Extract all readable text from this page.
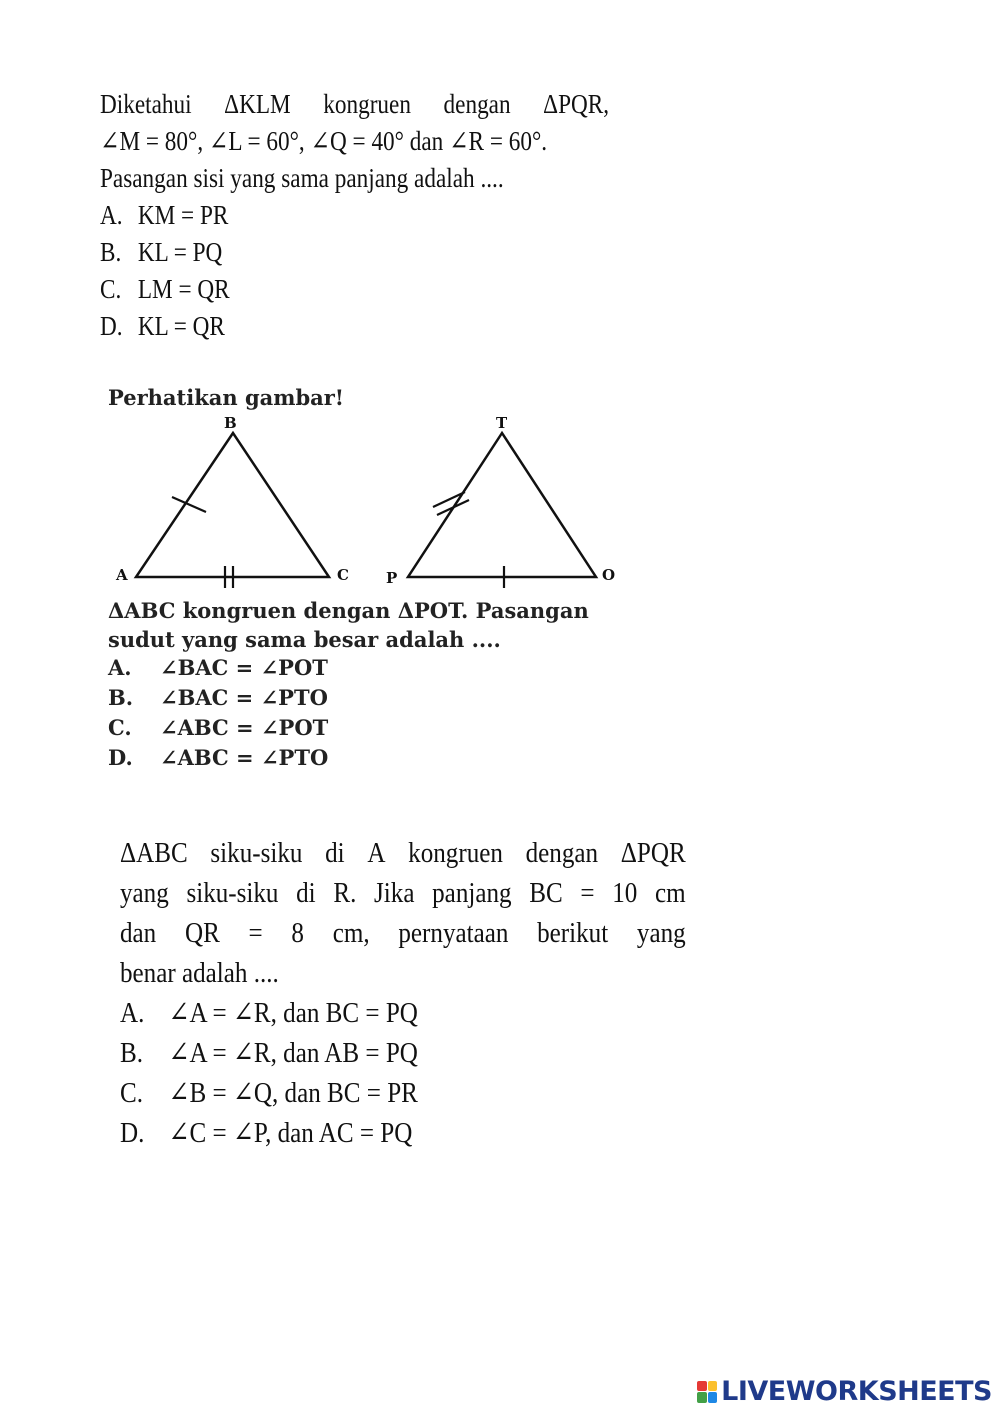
Diketahui ΔKLM kongruen dengan ΔPQR,
∠M = 80°, ∠L = 60°, ∠Q = 40° dan ∠R = 60°.
Pasangan sisi yang sama panjang adalah ....
A. KM = PR
B. KL = PQ
C. LM = QR
D. KL = QR
Perhatikan gambar!
B
A	C
T
P	O
ΔABC kongruen dengan ΔPOT. Pasangan
sudut yang sama besar adalah ....
A.	∠BAC = ∠POT
B.	∠BAC = ∠PTO
C.	∠ABC = ∠POT
D.	∠ABC = ∠PTO
ΔABC siku-siku di A kongruen dengan ΔPQR
yang siku-siku di R. Jika panjang BC = 10 cm
dan QR = 8 cm, pernyataan berikut yang
benar adalah ....
A. ∠A = ∠R, dan BC = PQ
B. ∠A = ∠R, dan AB = PQ
C. ∠B = ∠Q, dan BC = PR
D. ∠C = ∠P, dan AC = PQ
LIVEWORKSHEETS
